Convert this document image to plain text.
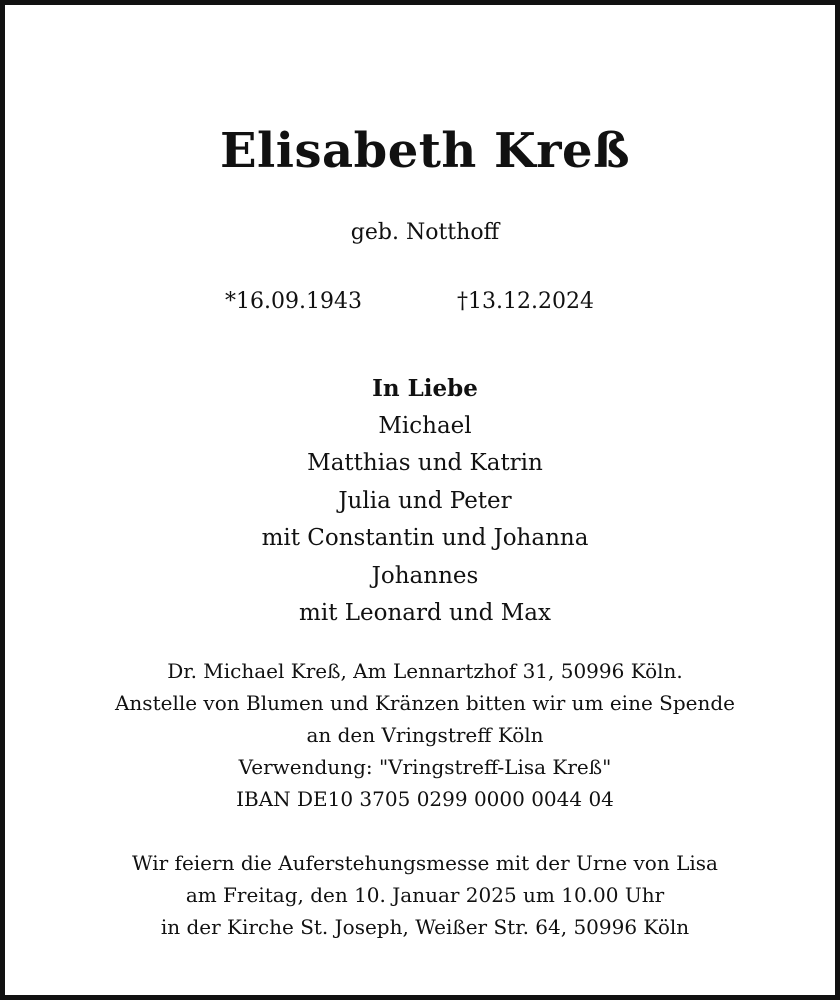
Elisabeth Kreß
geb. Notthoff
*16.09.1943	†13.12.2024
In Liebe
Michael
Matthias und Katrin
Julia und Peter
mit Constantin und Johanna
Johannes
mit Leonard und Max
Dr. Michael Kreß, Am Lennartzhof 31, 50996 Köln.
Anstelle von Blumen und Kränzen bitten wir um eine Spende
an den Vringstreff Köln
Verwendung: "Vringstreff-Lisa Kreß"
IBAN DE10 3705 0299 0000 0044 04
Wir feiern die Auferstehungsmesse mit der Urne von Lisa
am Freitag, den 10. Januar 2025 um 10.00 Uhr
in der Kirche St. Joseph, Weißer Str. 64, 50996 Köln
